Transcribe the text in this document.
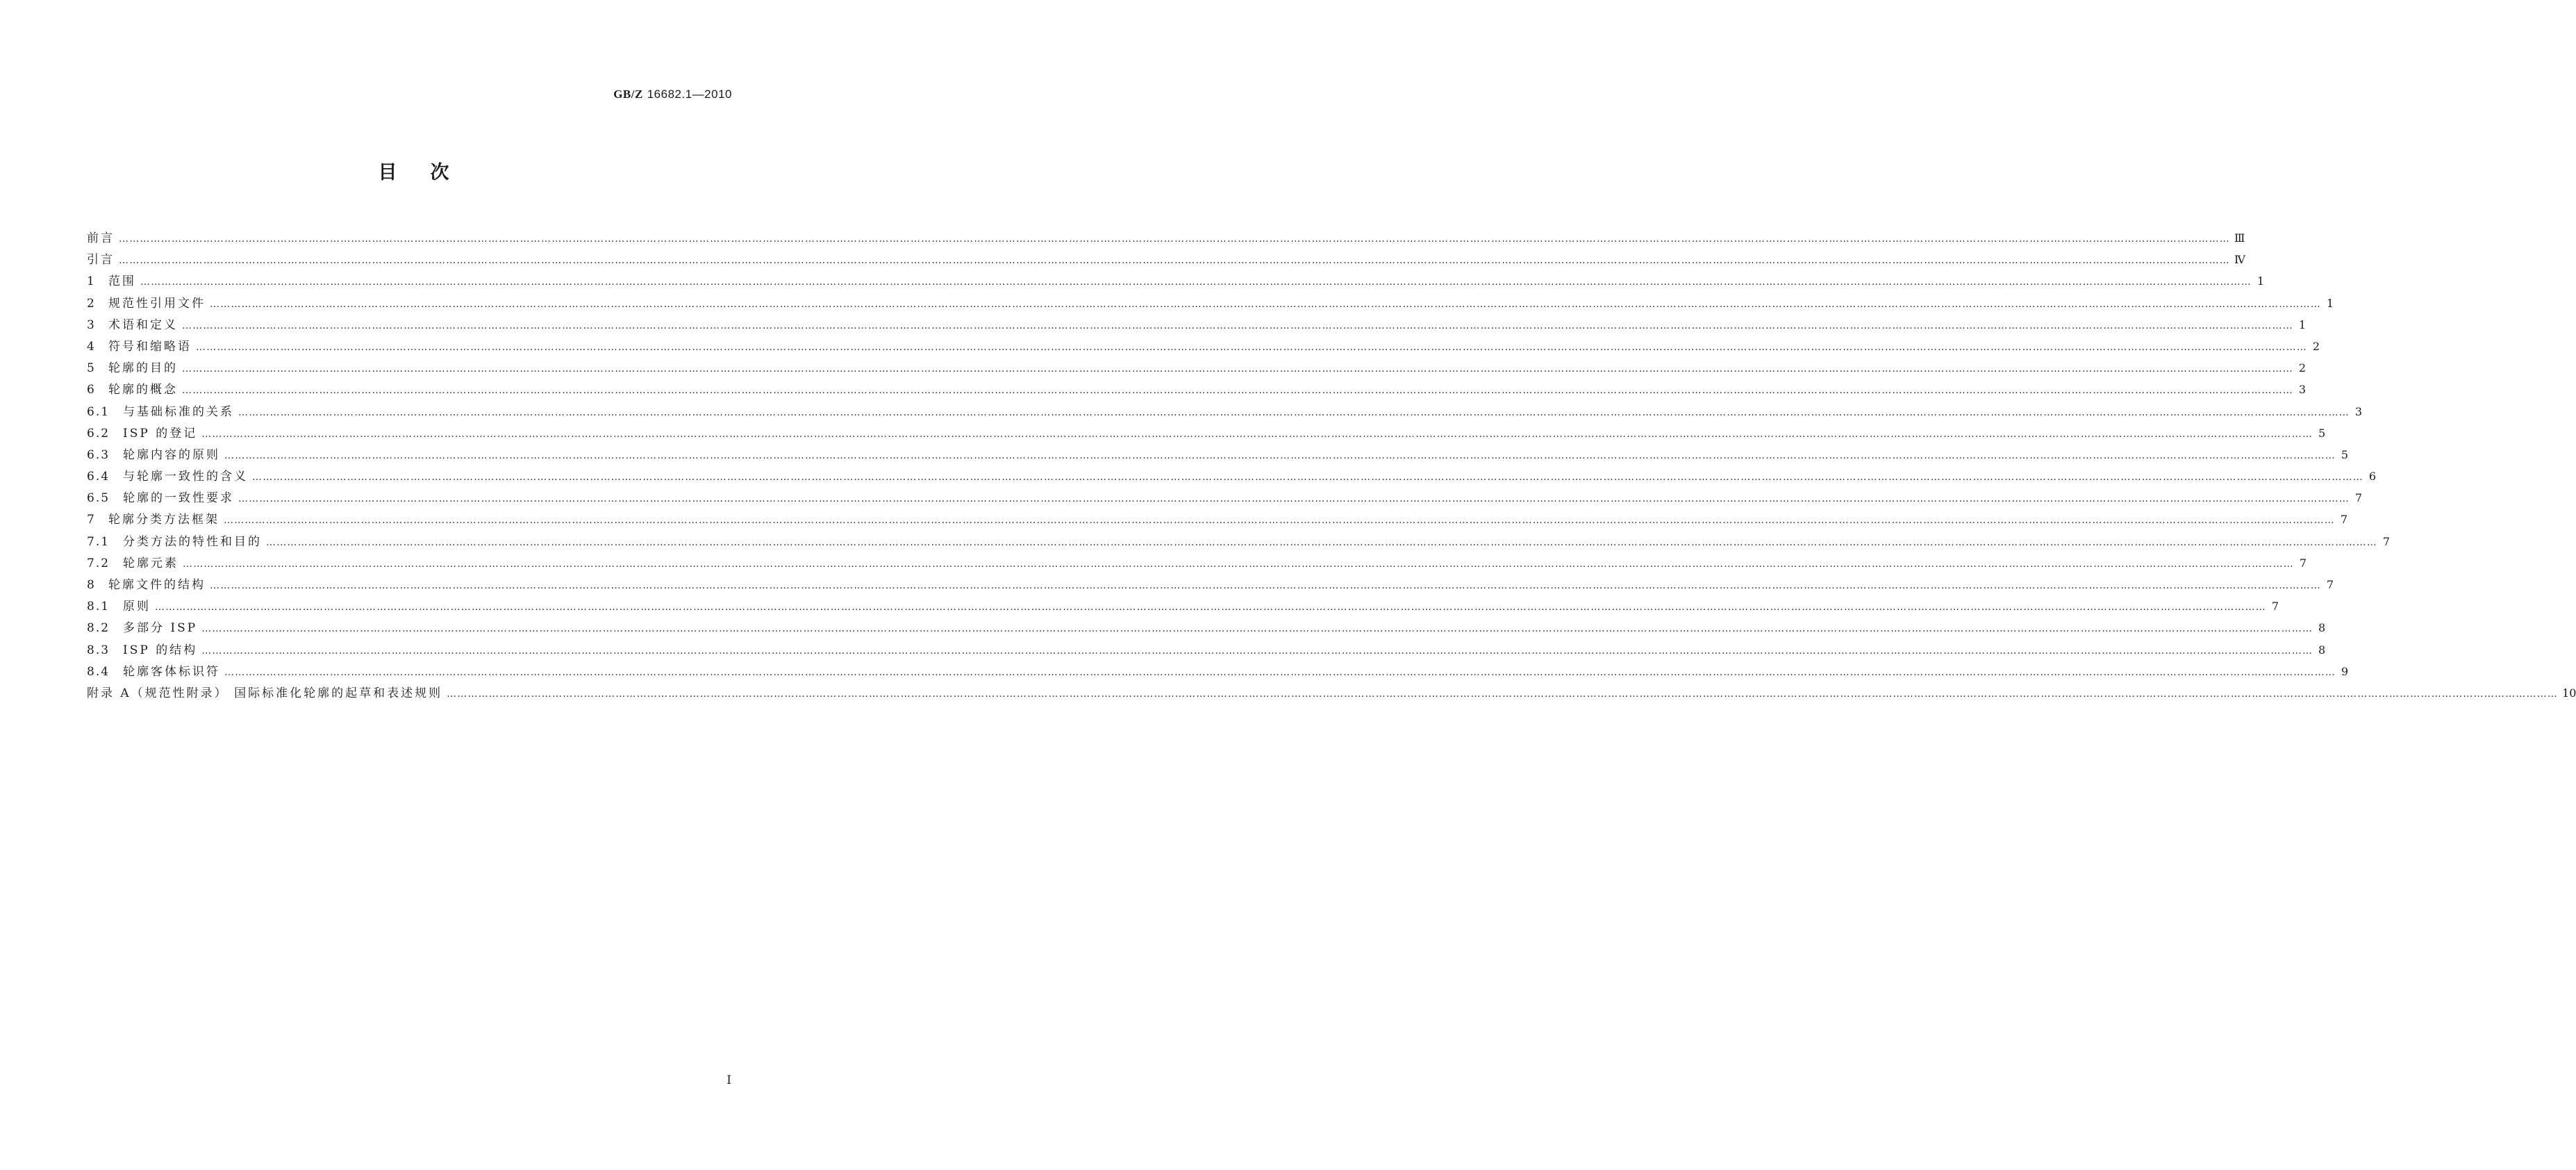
GB/Z 16682.1—2010
目次
前言 …………………………………………………………………………………………………………………………………………………………………………………………………………………………………………………………………………………………………………………………………………………………………………………………………………………………………………………………………………………………………………………………………………………… Ⅲ
引言 …………………………………………………………………………………………………………………………………………………………………………………………………………………………………………………………………………………………………………………………………………………………………………………………………………………………………………………………………………………………………………………………………………………… Ⅳ
1	范围 …………………………………………………………………………………………………………………………………………………………………………………………………………………………………………………………………………………………………………………………………………………………………………………………………………………………………………………………………………………………………………………………………………………… 1
2	规范性引用文件 …………………………………………………………………………………………………………………………………………………………………………………………………………………………………………………………………………………………………………………………………………………………………………………………………………………………………………………………………………………………………………………………………………………… 1
3	术语和定义 …………………………………………………………………………………………………………………………………………………………………………………………………………………………………………………………………………………………………………………………………………………………………………………………………………………………………………………………………………………………………………………………………………………… 1
4	符号和缩略语 …………………………………………………………………………………………………………………………………………………………………………………………………………………………………………………………………………………………………………………………………………………………………………………………………………………………………………………………………………………………………………………………………………………… 2
5	轮廓的目的 …………………………………………………………………………………………………………………………………………………………………………………………………………………………………………………………………………………………………………………………………………………………………………………………………………………………………………………………………………………………………………………………………………………… 2
6	轮廓的概念 …………………………………………………………………………………………………………………………………………………………………………………………………………………………………………………………………………………………………………………………………………………………………………………………………………………………………………………………………………………………………………………………………………………… 3
6.1	与基础标准的关系 …………………………………………………………………………………………………………………………………………………………………………………………………………………………………………………………………………………………………………………………………………………………………………………………………………………………………………………………………………………………………………………………………………………… 3
6.2	ISP 的登记 …………………………………………………………………………………………………………………………………………………………………………………………………………………………………………………………………………………………………………………………………………………………………………………………………………………………………………………………………………………………………………………………………………………… 5
6.3	轮廓内容的原则 …………………………………………………………………………………………………………………………………………………………………………………………………………………………………………………………………………………………………………………………………………………………………………………………………………………………………………………………………………………………………………………………………………………… 5
6.4	与轮廓一致性的含义 …………………………………………………………………………………………………………………………………………………………………………………………………………………………………………………………………………………………………………………………………………………………………………………………………………………………………………………………………………………………………………………………………………………… 6
6.5	轮廓的一致性要求 …………………………………………………………………………………………………………………………………………………………………………………………………………………………………………………………………………………………………………………………………………………………………………………………………………………………………………………………………………………………………………………………………………………… 7
7	轮廓分类方法框架 …………………………………………………………………………………………………………………………………………………………………………………………………………………………………………………………………………………………………………………………………………………………………………………………………………………………………………………………………………………………………………………………………………………… 7
7.1	分类方法的特性和目的 …………………………………………………………………………………………………………………………………………………………………………………………………………………………………………………………………………………………………………………………………………………………………………………………………………………………………………………………………………………………………………………………………………………… 7
7.2	轮廓元素 …………………………………………………………………………………………………………………………………………………………………………………………………………………………………………………………………………………………………………………………………………………………………………………………………………………………………………………………………………………………………………………………………………………… 7
8	轮廓文件的结构 …………………………………………………………………………………………………………………………………………………………………………………………………………………………………………………………………………………………………………………………………………………………………………………………………………………………………………………………………………………………………………………………………………………… 7
8.1	原则 …………………………………………………………………………………………………………………………………………………………………………………………………………………………………………………………………………………………………………………………………………………………………………………………………………………………………………………………………………………………………………………………………………………… 7
8.2	多部分 ISP …………………………………………………………………………………………………………………………………………………………………………………………………………………………………………………………………………………………………………………………………………………………………………………………………………………………………………………………………………………………………………………………………………………… 8
8.3	ISP 的结构 …………………………………………………………………………………………………………………………………………………………………………………………………………………………………………………………………………………………………………………………………………………………………………………………………………………………………………………………………………………………………………………………………………………… 8
8.4	轮廓客体标识符 …………………………………………………………………………………………………………………………………………………………………………………………………………………………………………………………………………………………………………………………………………………………………………………………………………………………………………………………………………………………………………………………………………………… 9
附录 A（规范性附录） 国际标准化轮廓的起草和表述规则 …………………………………………………………………………………………………………………………………………………………………………………………………………………………………………………………………………………………………………………………………………………………………………………………………………………………………………………………………………………………………………………………………………………… 10
Ⅰ
